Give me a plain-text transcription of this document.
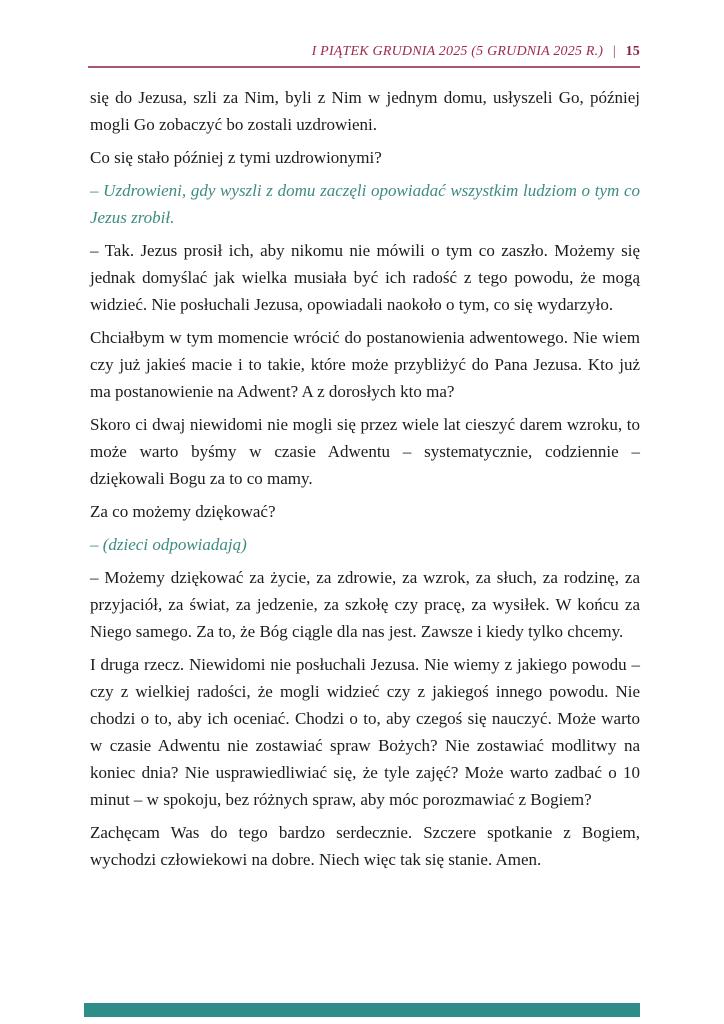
I PIĄTEK GRUDNIA 2025 (5 GRUDNIA 2025 R.) | 15

się do Jezusa, szli za Nim, byli z Nim w jednym domu, usłyszeli Go, później mogli Go zobaczyć bo zostali uzdrowieni.

Co się stało później z tymi uzdrowionymi?

– Uzdrowieni, gdy wyszli z domu zaczęli opowiadać wszystkim ludziom o tym co Jezus zrobił.

– Tak. Jezus prosił ich, aby nikomu nie mówili o tym co zaszło. Możemy się jednak domyślać jak wielka musiała być ich radość z tego powodu, że mogą widzieć. Nie posłuchali Jezusa, opowiadali naokoło o tym, co się wydarzyło.

Chciałbym w tym momencie wrócić do postanowienia adwentowego. Nie wiem czy już jakieś macie i to takie, które może przybliżyć do Pana Jezusa. Kto już ma postanowienie na Adwent? A z dorosłych kto ma?

Skoro ci dwaj niewidomi nie mogli się przez wiele lat cieszyć darem wzroku, to może warto byśmy w czasie Adwentu – systematycznie, codziennie – dziękowali Bogu za to co mamy.

Za co możemy dziękować?

– (dzieci odpowiadają)

– Możemy dziękować za życie, za zdrowie, za wzrok, za słuch, za rodzinę, za przyjaciół, za świat, za jedzenie, za szkołę czy pracę, za wysiłek. W końcu za Niego samego. Za to, że Bóg ciągle dla nas jest. Zawsze i kiedy tylko chcemy.

I druga rzecz. Niewidomi nie posłuchali Jezusa. Nie wiemy z jakiego powodu – czy z wielkiej radości, że mogli widzieć czy z jakiegoś innego powodu. Nie chodzi o to, aby ich oceniać. Chodzi o to, aby czegoś się nauczyć. Może warto w czasie Adwentu nie zostawiać spraw Bożych? Nie zostawiać modlitwy na koniec dnia? Nie usprawiedliwiać się, że tyle zajęć? Może warto zadbać o 10 minut – w spokoju, bez różnych spraw, aby móc porozmawiać z Bogiem?

Zachęcam Was do tego bardzo serdecznie. Szczere spotkanie z Bogiem, wychodzi człowiekowi na dobre. Niech więc tak się stanie. Amen.
